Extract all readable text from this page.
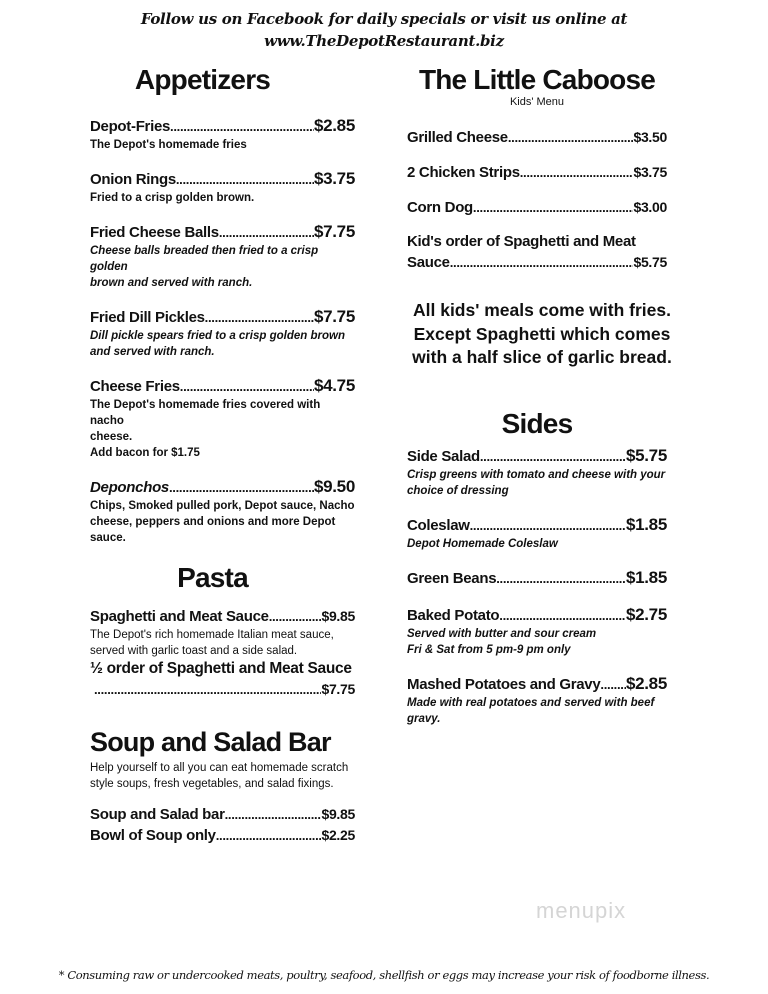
Follow us on Facebook for daily specials or visit us online at
www.TheDepotRestaurant.biz
Appetizers
Depot-Fries .....	$2.85
The Depot's homemade fries
Onion Rings .....	$3.75
Fried to a crisp golden brown.
Fried Cheese Balls .....	$7.75
Cheese balls breaded then fried to a crisp golden
brown and served with ranch.
Fried Dill Pickles .....	$7.75
Dill pickle spears fried to a crisp golden brown
and served with ranch.
Cheese Fries .....	$4.75
The Depot's homemade fries covered with nacho
cheese.
Add bacon for $1.75
Deponchos .....	$9.50
Chips, Smoked pulled pork, Depot sauce, Nacho
cheese, peppers and onions and more Depot
sauce.
Pasta
Spaghetti and Meat Sauce .....	$9.85
The Depot's rich homemade Italian meat sauce,
served with garlic toast and a side salad.
½ order of Spaghetti and Meat Sauce
.....
$7.75
Soup and Salad Bar
Help yourself to all you can eat homemade scratch
style soups, fresh vegetables, and salad fixings.
Soup and Salad bar .....	$9.85
Bowl of Soup only .....	$2.25
The Little Caboose
Kids' Menu
Grilled Cheese .....	$3.50
2 Chicken Strips .....	$3.75
Corn Dog .....	$3.00
Kid's order of Spaghetti and Meat
Sauce .....	$5.75
All kids' meals come with fries.
Except Spaghetti which comes
with a half slice of garlic bread.
Sides
Side Salad .....	$5.75
Crisp greens with tomato and cheese with your
choice of dressing
Coleslaw .....	$1.85
Depot Homemade Coleslaw
Green Beans .....	$1.85
Baked Potato .....	$2.75
Served with butter and sour cream
Fri & Sat from 5 pm-9 pm only
Mashed Potatoes and Gravy ..... $2.85
Made with real potatoes and served with beef
gravy.
menupix
* Consuming raw or undercooked meats, poultry, seafood, shellfish or eggs may increase your risk of foodborne illness.
